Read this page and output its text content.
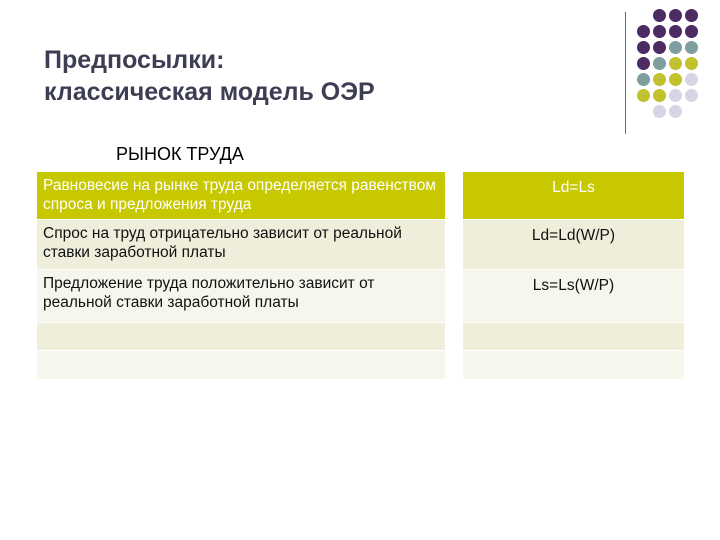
Предпосылки:
классическая модель ОЭР
РЫНОК ТРУДА
Равновесие на рынке труда определяется равенством спроса и предложения труда
Ld=Ls
Спрос на труд отрицательно зависит от реальной ставки заработной платы
Ld=Ld(W/P)
Предложение труда положительно зависит от реальной ставки заработной платы
Ls=Ls(W/P)
